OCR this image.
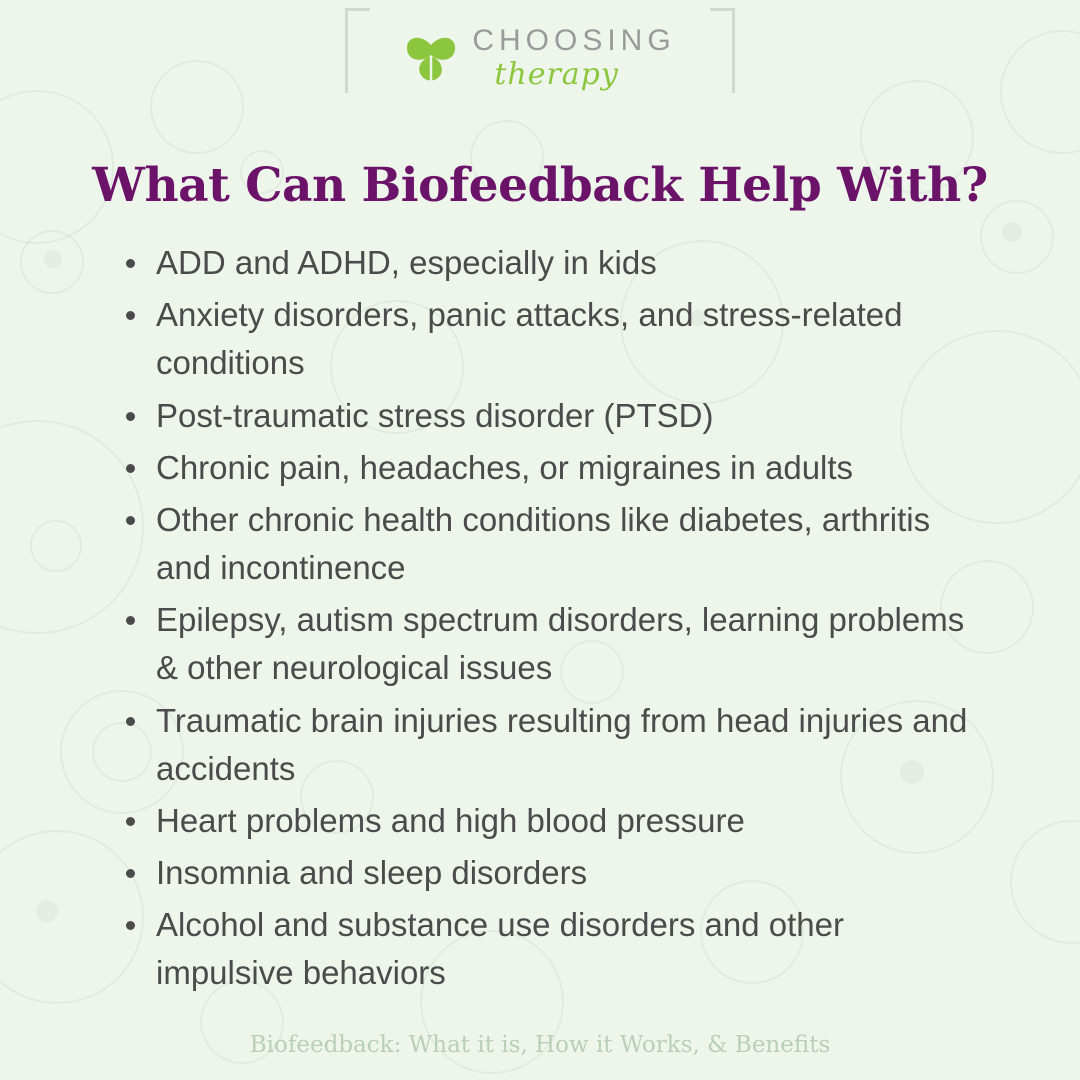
CHOOSING
therapy
What Can Biofeedback Help With?
ADD and ADHD, especially in kids
Anxiety disorders, panic attacks, and stress-related conditions
Post-traumatic stress disorder (PTSD)
Chronic pain, headaches, or migraines in adults
Other chronic health conditions like diabetes, arthritis and incontinence
Epilepsy, autism spectrum disorders, learning problems & other neurological issues
Traumatic brain injuries resulting from head injuries and accidents
Heart problems and high blood pressure
Insomnia and sleep disorders
Alcohol and substance use disorders and other impulsive behaviors
Biofeedback: What it is, How it Works, & Benefits
